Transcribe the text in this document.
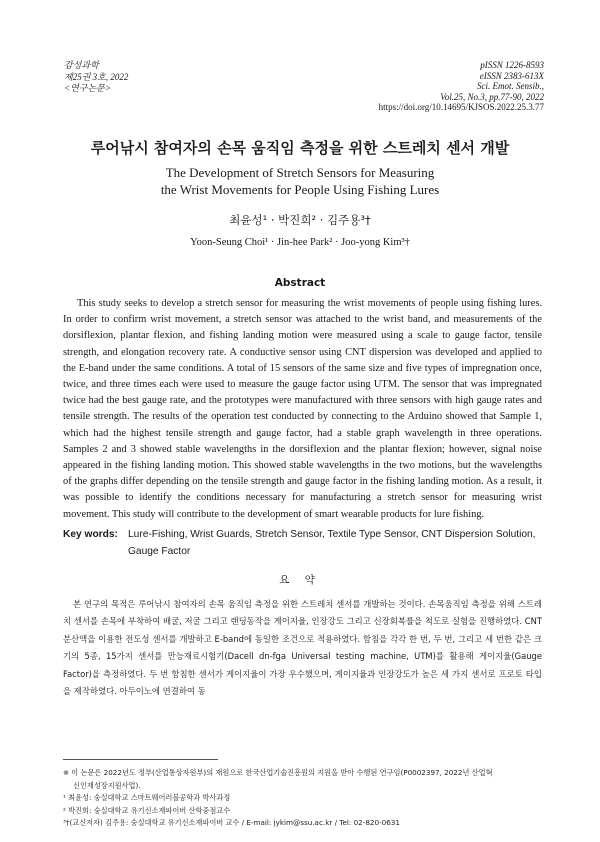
감성과학
제25권 3호, 2022
<연구논문>
pISSN 1226-8593
eISSN 2383-613X
Sci. Emot. Sensib.,
Vol.25, No.3, pp.77-90, 2022
https://doi.org/10.14695/KJSOS.2022.25.3.77
루어낚시 참여자의 손목 움직임 측정을 위한 스트레치 센서 개발
The Development of Stretch Sensors for Measuring
the Wrist Movements for People Using Fishing Lures
최윤성¹ · 박진희² · 김주용³†
Yoon-Seung Choi¹ · Jin-hee Park² · Joo-yong Kim³†
Abstract

This study seeks to develop a stretch sensor for measuring the wrist movements of people using fishing lures. In order to confirm wrist movement, a stretch sensor was attached to the wrist band, and measurements of the dorsiflexion, plantar flexion, and fishing landing motion were measured using a scale to gauge factor, tensile strength, and elongation recovery rate. A conductive sensor using CNT dispersion was developed and applied to the E-band under the same conditions. A total of 15 sensors of the same size and five types of impregnation once, twice, and three times each were used to measure the gauge factor using UTM. The sensor that was impregnated twice had the best gauge rate, and the prototypes were manufactured with three sensors with high gauge rates and tensile strength. The results of the operation test conducted by connecting to the Arduino showed that Sample 1, which had the highest tensile strength and gauge factor, had a stable graph wavelength in three operations. Samples 2 and 3 showed stable wavelengths in the dorsiflexion and the plantar flexion; however, signal noise appeared in the fishing landing motion. This showed stable wavelengths in the two motions, but the wavelengths of the graphs differ depending on the tensile strength and gauge factor in the fishing landing motion. As a result, it was possible to identify the conditions necessary for manufacturing a stretch sensor for measuring wrist movement. This study will contribute to the development of smart wearable products for lure fishing.

Key words: Lure-Fishing, Wrist Guards, Stretch Sensor, Textile Type Sensor, CNT Dispersion Solution, Gauge Factor
요 약

본 연구의 목적은 루어낚시 참여자의 손목 움직임 측정을 위한 스트레치 센서를 개발하는 것이다. 손목움직임 측정을 위해 스트레치 센서를 손목에 부착하여 배굴, 저굴 그리고 랜딩동작을 게이지율, 인장강도 그리고 신장회복률을 척도로 실험을 진행하였다. CNT 분산액을 이용한 전도성 센서를 개발하고 E-band에 동일한 조건으로 적용하였다. 함침을 각각 한 번, 두 번, 그리고 세 번한 같은 크기의 5종, 15가지 센서를 만능재료시험기(Dacell dn-fga Universal testing machine, UTM)를 활용해 게이지율(Gauge Factor)을 측정하였다. 두 번 함침한 센서가 게이지율이 가장 우수했으며, 게이지율과 인장강도가 높은 세 가지 센서로 프로토 타입을 제작하였다. 아두이노에 연결하여 동

※ 이 논문은 2022년도 정부(산업통상자원부)의 재원으로 한국산업기술진흥원의 지원을 받아 수행된 연구임(P0002397, 2022년 산업혁
신인재성장지원사업).
¹ 최윤성: 숭실대학교 스마트웨어러블공학과 박사과정
² 박진희: 숭실대학교 유기신소재파이버 산학중점교수
³†(교신저자) 김주용: 숭실대학교 유기신소재파이버 교수 / E-mail: jykim@ssu.ac.kr / Tel: 02-820-0631
